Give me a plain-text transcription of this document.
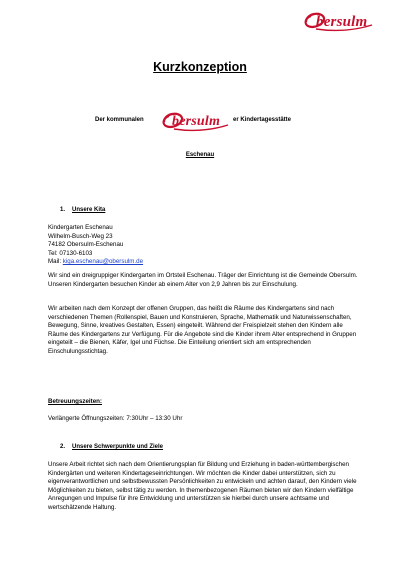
bersulm
Kurzkonzeption
Der kommunalen bersulm er Kindertagesstätte
Eschenau
1. Unsere Kita

Kindergarten Eschenau

Wilhelm-Busch-Weg 23

74182 Obersulm-Eschenau

Tel: 07130-6103

Mail: kiga.eschenau@obersulm.de

Wir sind ein dreigruppiger Kindergarten im Ortsteil Eschenau. Träger der Einrichtung ist die Gemeinde Obersulm. Unseren Kindergarten besuchen Kinder ab einem Alter von 2,9 Jahren bis zur Einschulung.

Wir arbeiten nach dem Konzept der offenen Gruppen, das heißt die Räume des Kindergartens sind nach verschiedenen Themen (Rollenspiel, Bauen und Konstruieren, Sprache, Mathematik und Naturwissenschaften, Bewegung, Sinne, kreatives Gestalten, Essen) eingeteilt. Während der Freispielzeit stehen den Kindern alle Räume des Kindergartens zur Verfügung. Für die Angebote sind die Kinder ihrem Alter entsprechend in Gruppen eingeteilt – die Bienen, Käfer, Igel und Füchse. Die Einteilung orientiert sich am entsprechenden Einschulungsstichtag.

Betreuungszeiten:

Verlängerte Öffnungszeiten: 7:30Uhr – 13:30 Uhr

2. Unsere Schwerpunkte und Ziele

Unsere Arbeit richtet sich nach dem Orientierungsplan für Bildung und Erziehung in baden-württembergischen Kindergärten und weiteren Kindertageseinrichtungen. Wir möchten die Kinder dabei unterstützen, sich zu eigenverantwortlichen und selbstbewussten Persönlichkeiten zu entwickeln und achten darauf, den Kindern viele Möglichkeiten zu bieten, selbst tätig zu werden. In themenbezogenen Räumen bieten wir den Kindern vielfältige Anregungen und Impulse für ihre Entwicklung und unterstützen sie hierbei durch unsere achtsame und wertschätzende Haltung.
